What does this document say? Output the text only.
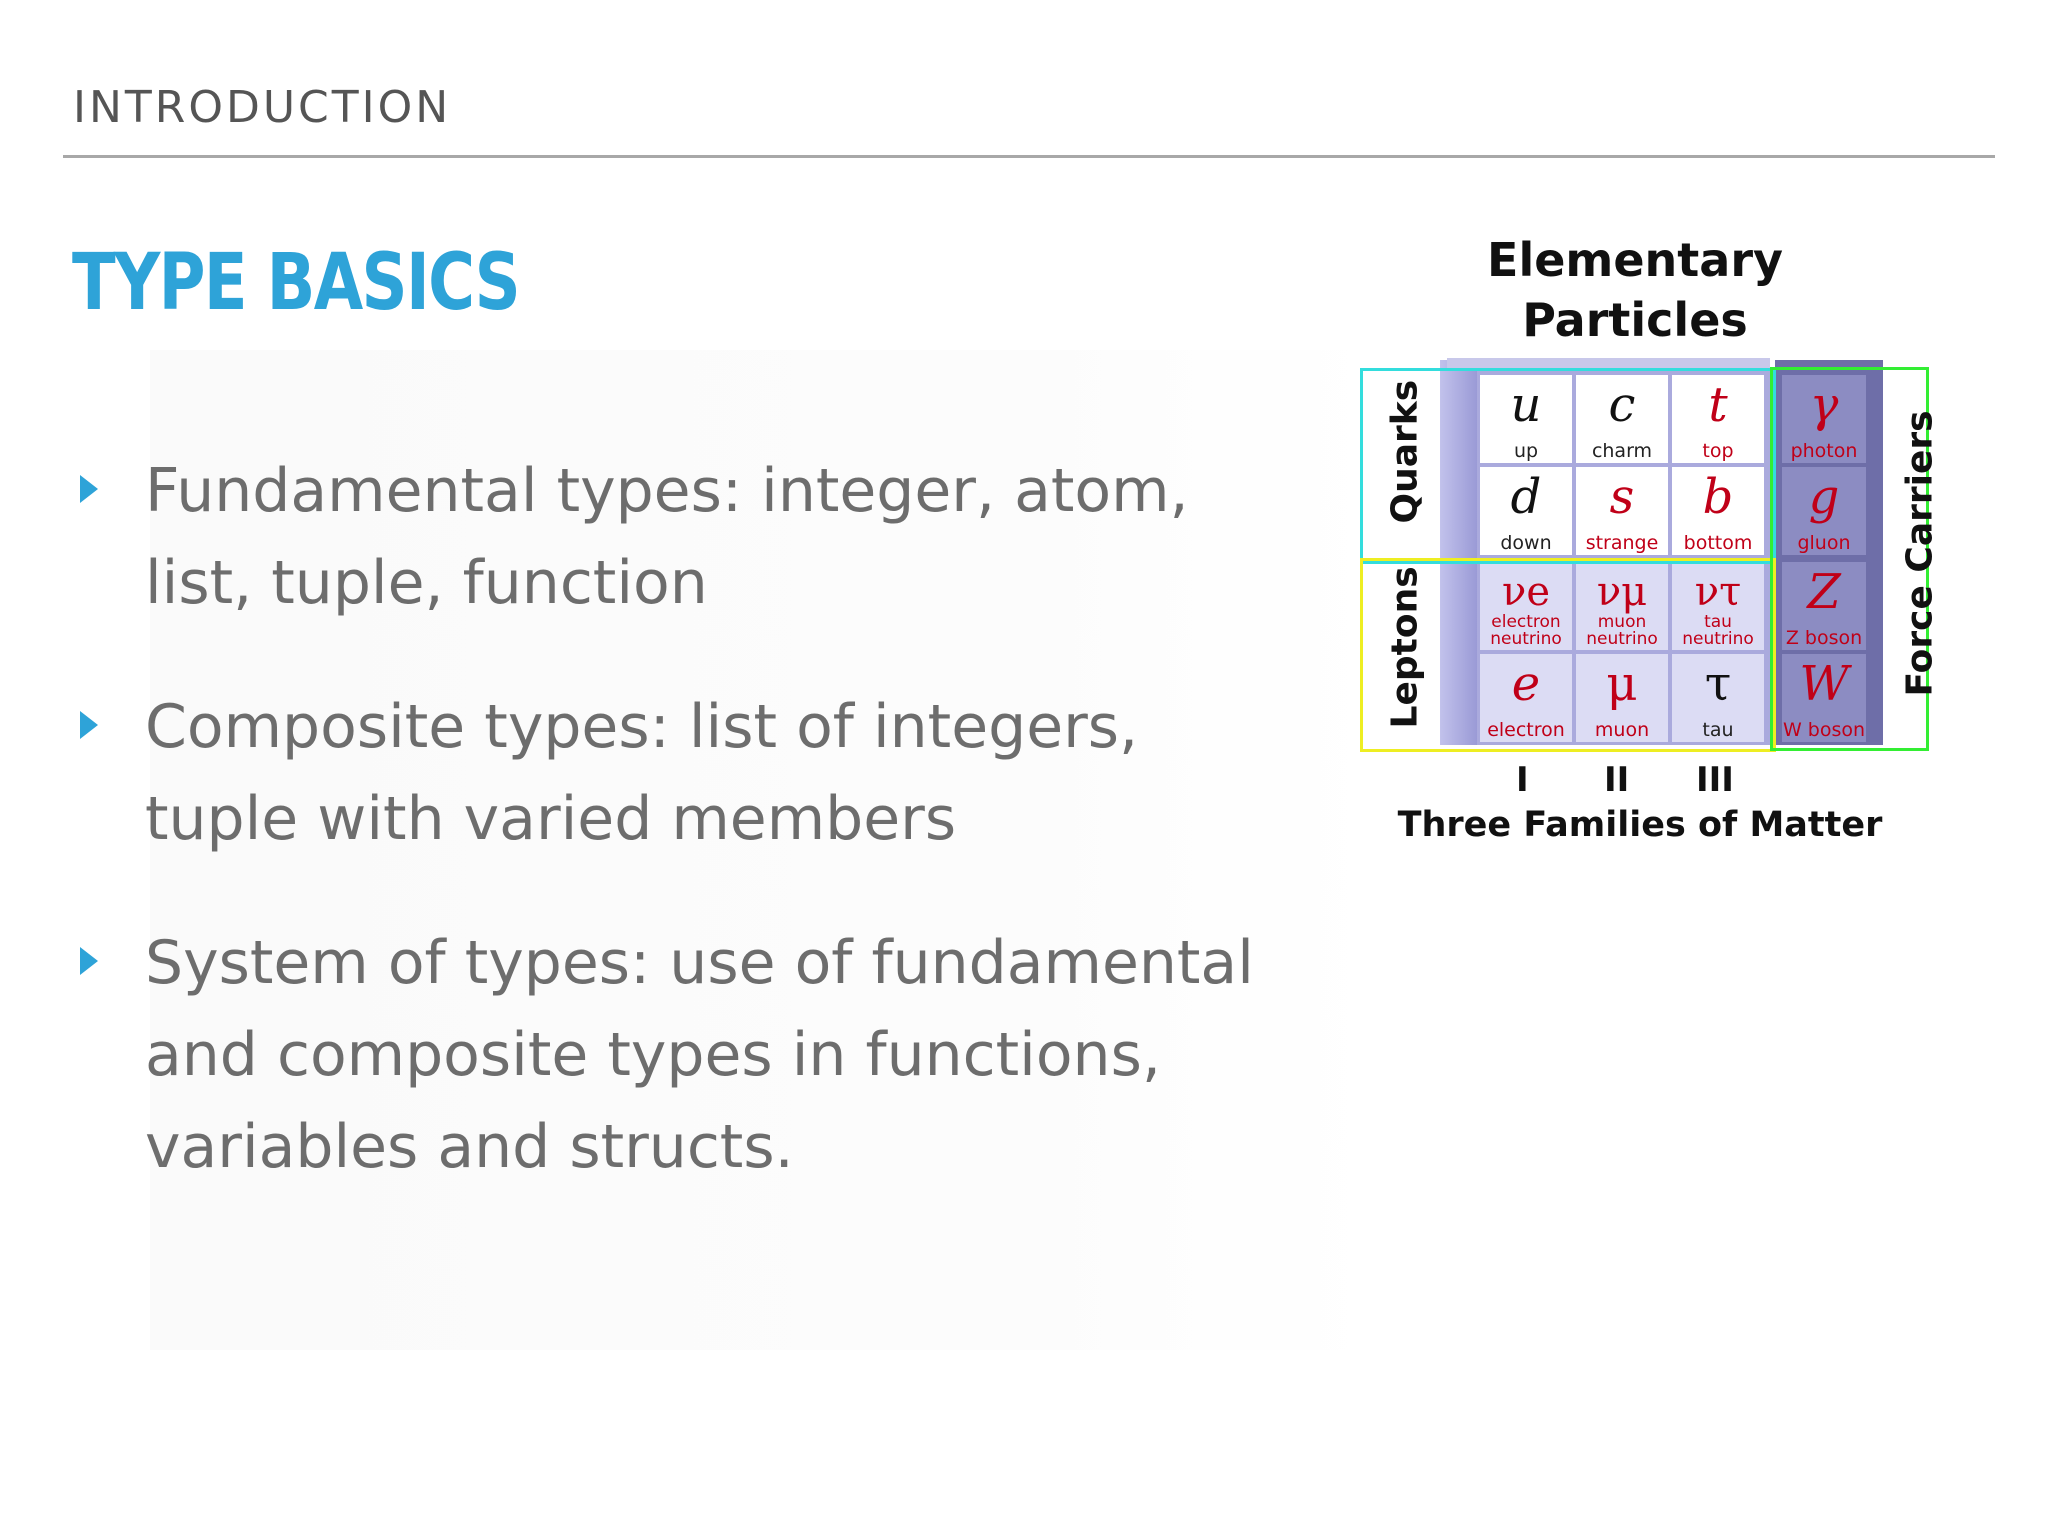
INTRODUCTION
TYPE BASICS
Fundamental types: integer, atom, list, tuple, function
Composite types: list of integers, tuple with varied members
System of types: use of fundamental and composite types in functions, variables and structs.
Elementary
Particles
u
up
c
charm
t
top
d
down
s
strange
b
bottom
νe
electron neutrino
νμ
muon neutrino
ντ
tau neutrino
e
electron
μ
muon
τ
tau
γ
photon
g
gluon
Z
Z boson
W
W boson
Quarks
Leptons	Force Carriers
I II III
Three Families of Matter
